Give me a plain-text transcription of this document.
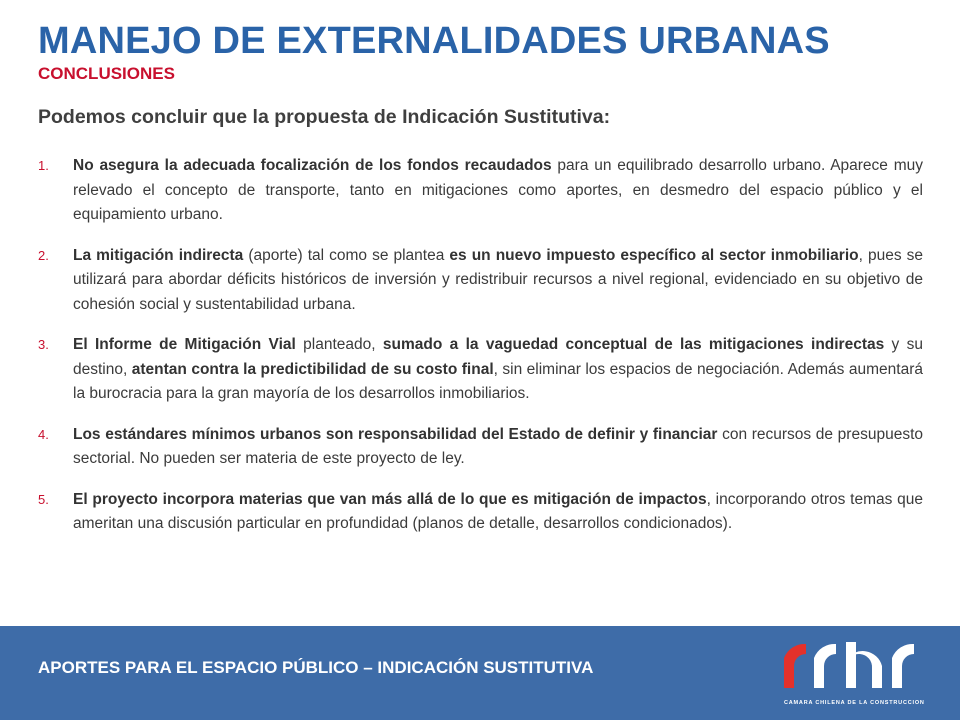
MANEJO DE EXTERNALIDADES URBANAS
CONCLUSIONES
Podemos concluir que la propuesta de Indicación Sustitutiva:
1. No asegura la adecuada focalización de los fondos recaudados para un equilibrado desarrollo urbano. Aparece muy relevado el concepto de transporte, tanto en mitigaciones como aportes, en desmedro del espacio público y el equipamiento urbano.
2. La mitigación indirecta (aporte) tal como se plantea es un nuevo impuesto específico al sector inmobiliario, pues se utilizará para abordar déficits históricos de inversión y redistribuir recursos a nivel regional, evidenciado en su objetivo de cohesión social y sustentabilidad urbana.
3. El Informe de Mitigación Vial planteado, sumado a la vaguedad conceptual de las mitigaciones indirectas y su destino, atentan contra la predictibilidad de su costo final, sin eliminar los espacios de negociación. Además aumentará la burocracia para la gran mayoría de los desarrollos inmobiliarios.
4. Los estándares mínimos urbanos son responsabilidad del Estado de definir y financiar con recursos de presupuesto sectorial. No pueden ser materia de este proyecto de ley.
5. El proyecto incorpora materias que van más allá de lo que es mitigación de impactos, incorporando otros temas que ameritan una discusión particular en profundidad (planos de detalle, desarrollos condicionados).
APORTES PARA EL ESPACIO PÚBLICO – INDICACIÓN SUSTITUTIVA
CAMARA CHILENA DE LA CONSTRUCCION
